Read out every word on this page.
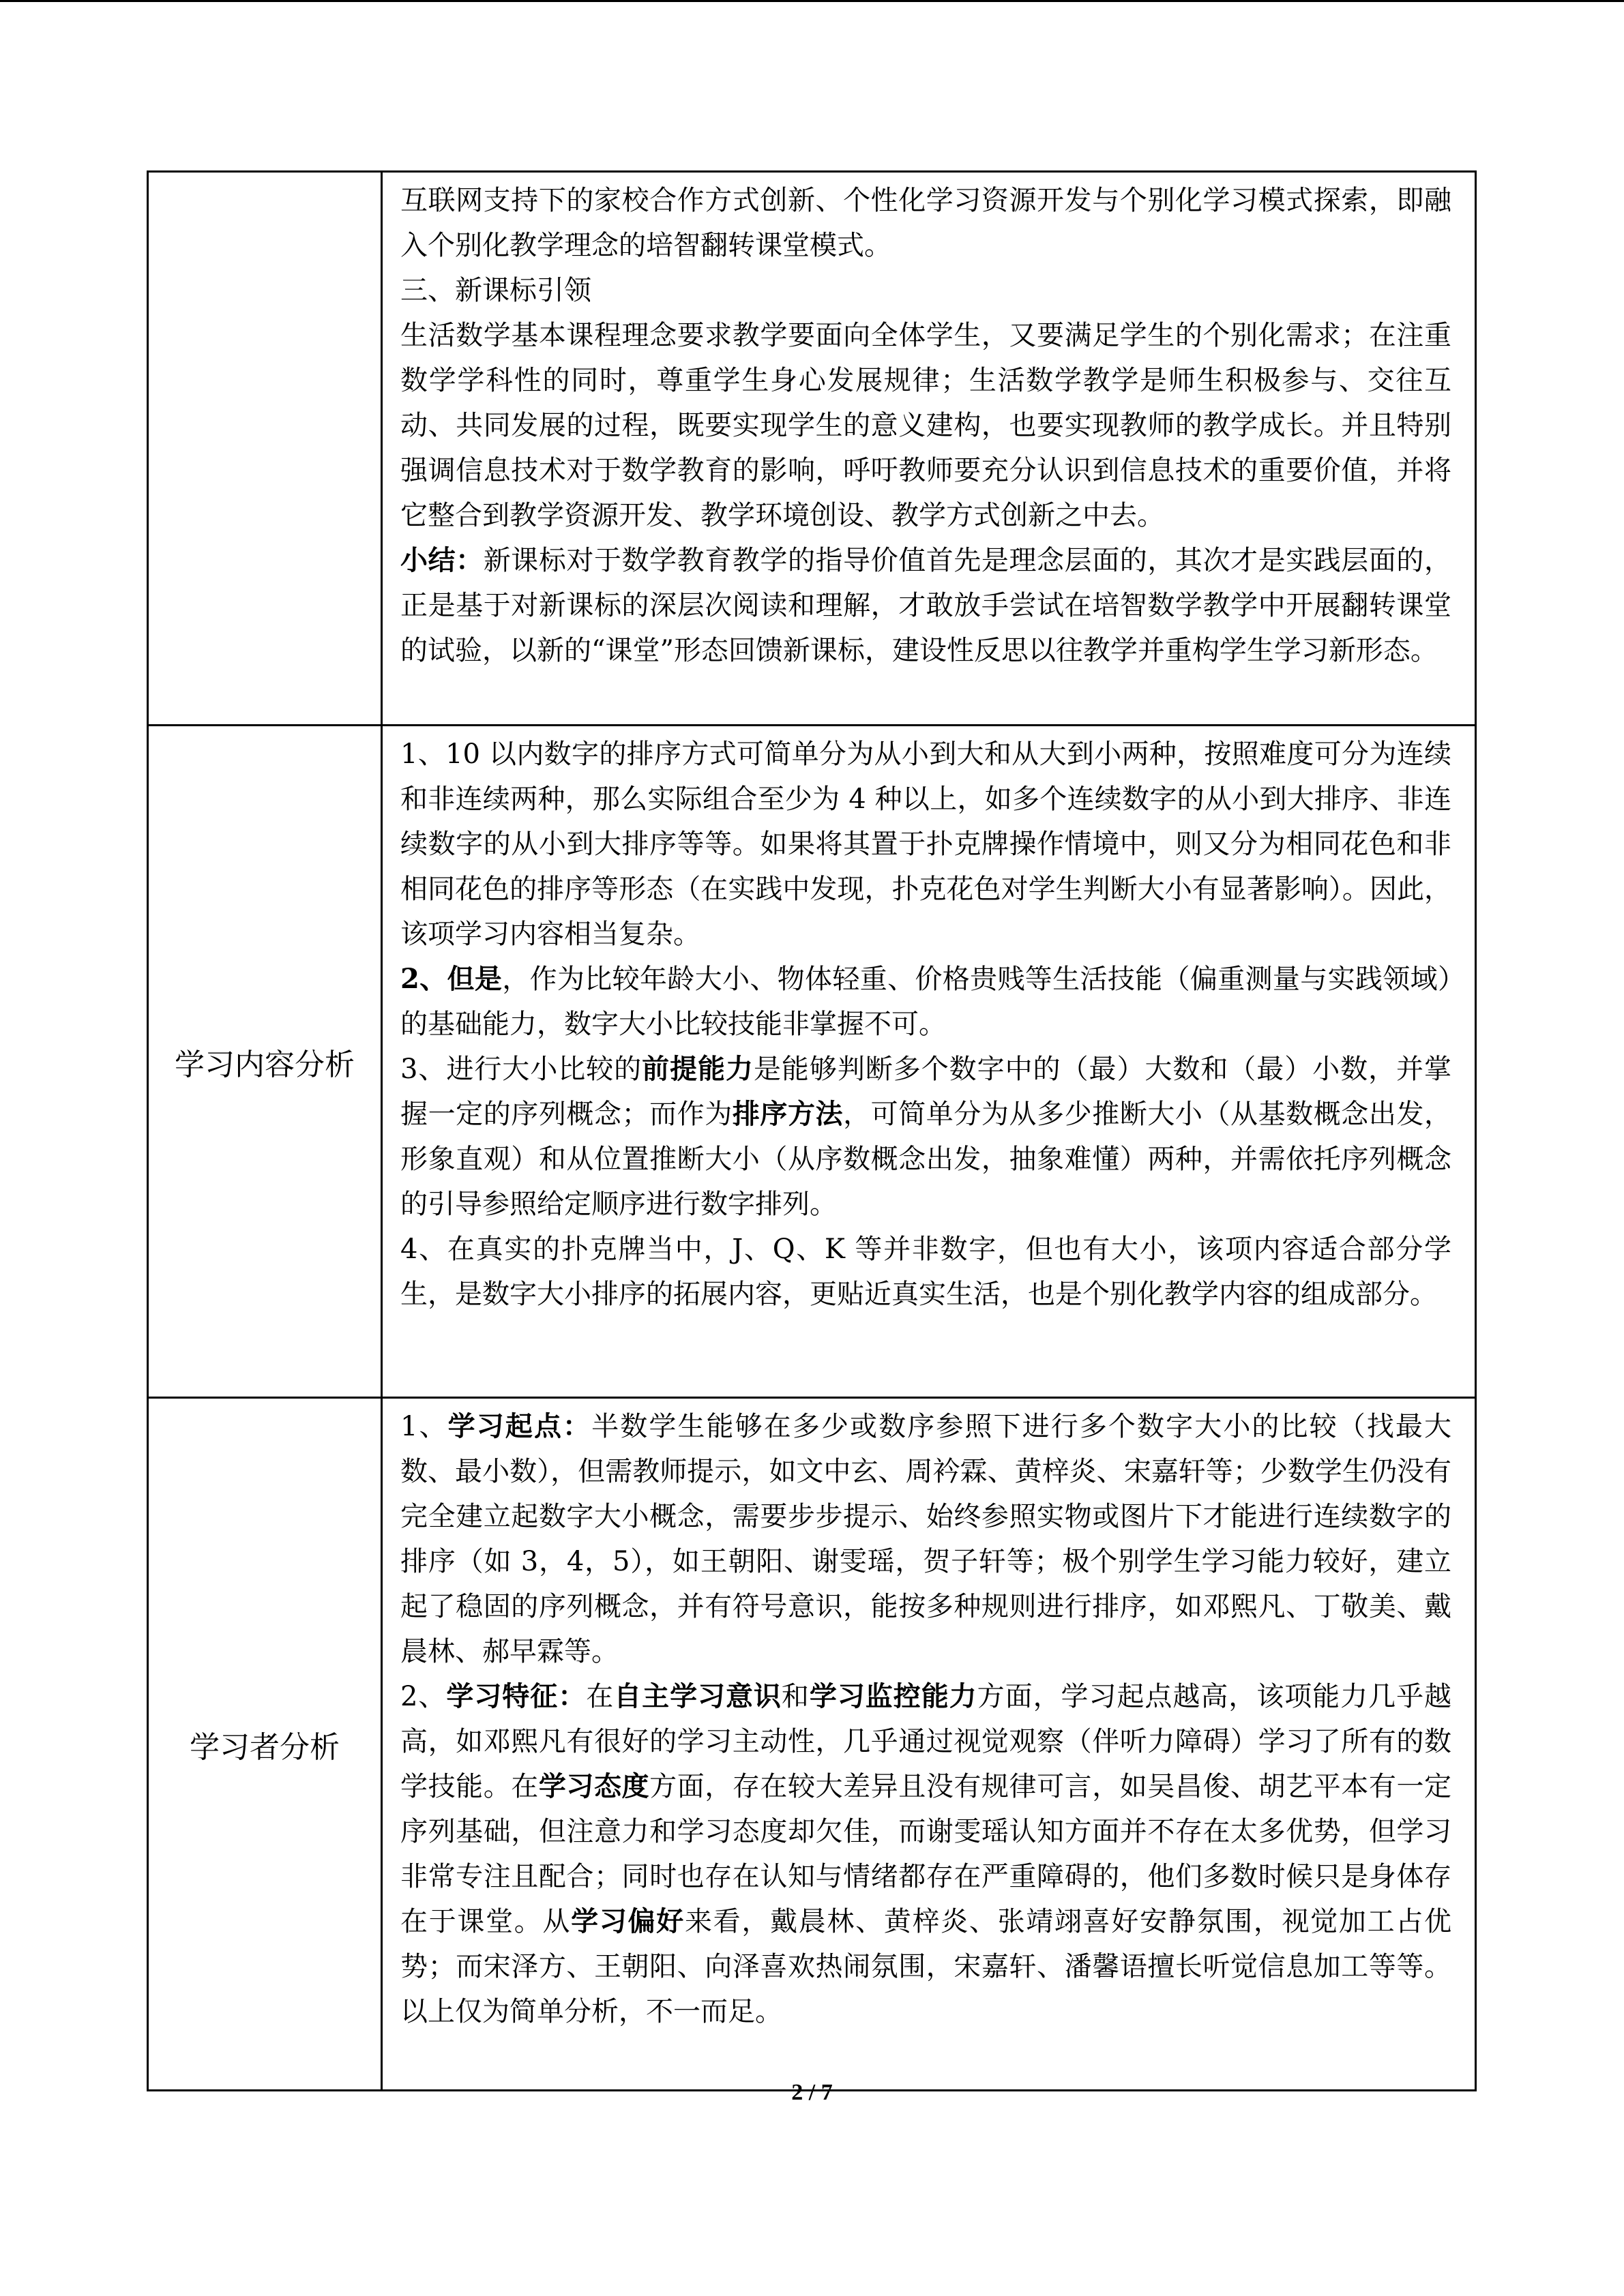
	互联网支持下的家校合作方式创新、个性化学习资源开发与个别化学习模式探索，即融入个别化教学理念的培智翻转课堂模式。

三、新课标引领

生活数学基本课程理念要求教学要面向全体学生，又要满足学生的个别化需求；在注重数学学科性的同时，尊重学生身心发展规律；生活数学教学是师生积极参与、交往互动、共同发展的过程，既要实现学生的意义建构，也要实现教师的教学成长。并且特别强调信息技术对于数学教育的影响，呼吁教师要充分认识到信息技术的重要价值，并将它整合到教学资源开发、教学环境创设、教学方式创新之中去。

小结：新课标对于数学教育教学的指导价值首先是理念层面的，其次才是实践层面的，正是基于对新课标的深层次阅读和理解，才敢放手尝试在培智数学教学中开展翻转课堂的试验，以新的“课堂”形态回馈新课标，建设性反思以往教学并重构学生学习新形态。

学习内容分析	1、10 以内数字的排序方式可简单分为从小到大和从大到小两种，按照难度可分为连续和非连续两种，那么实际组合至少为 4 种以上，如多个连续数字的从小到大排序、非连续数字的从小到大排序等等。如果将其置于扑克牌操作情境中，则又分为相同花色和非相同花色的排序等形态（在实践中发现，扑克花色对学生判断大小有显著影响）。因此，该项学习内容相当复杂。

2、但是，作为比较年龄大小、物体轻重、价格贵贱等生活技能（偏重测量与实践领域）的基础能力，数字大小比较技能非掌握不可。

3、进行大小比较的前提能力是能够判断多个数字中的（最）大数和（最）小数，并掌握一定的序列概念；而作为排序方法，可简单分为从多少推断大小（从基数概念出发，形象直观）和从位置推断大小（从序数概念出发，抽象难懂）两种，并需依托序列概念的引导参照给定顺序进行数字排列。

4、在真实的扑克牌当中，J、Q、K 等并非数字，但也有大小，该项内容适合部分学生，是数字大小排序的拓展内容，更贴近真实生活，也是个别化教学内容的组成部分。

学习者分析	1、学习起点：半数学生能够在多少或数序参照下进行多个数字大小的比较（找最大数、最小数），但需教师提示，如文中玄、周衿霖、黄梓炎、宋嘉轩等；少数学生仍没有完全建立起数字大小概念，需要步步提示、始终参照实物或图片下才能进行连续数字的排序（如 3，4，5），如王朝阳、谢雯瑶，贺子轩等；极个别学生学习能力较好，建立起了稳固的序列概念，并有符号意识，能按多种规则进行排序，如邓熙凡、丁敬美、戴晨林、郝早霖等。

2、学习特征：在自主学习意识和学习监控能力方面，学习起点越高，该项能力几乎越高，如邓熙凡有很好的学习主动性，几乎通过视觉观察（伴听力障碍）学习了所有的数学技能。在学习态度方面，存在较大差异且没有规律可言，如吴昌俊、胡艺平本有一定序列基础，但注意力和学习态度却欠佳，而谢雯瑶认知方面并不存在太多优势，但学习非常专注且配合；同时也存在认知与情绪都存在严重障碍的，他们多数时候只是身体存在于课堂。从学习偏好来看，戴晨林、黄梓炎、张靖翊喜好安静氛围，视觉加工占优势；而宋泽方、王朝阳、向泽喜欢热闹氛围，宋嘉轩、潘馨语擅长听觉信息加工等等。以上仅为简单分析，不一而足。

2 / 7
